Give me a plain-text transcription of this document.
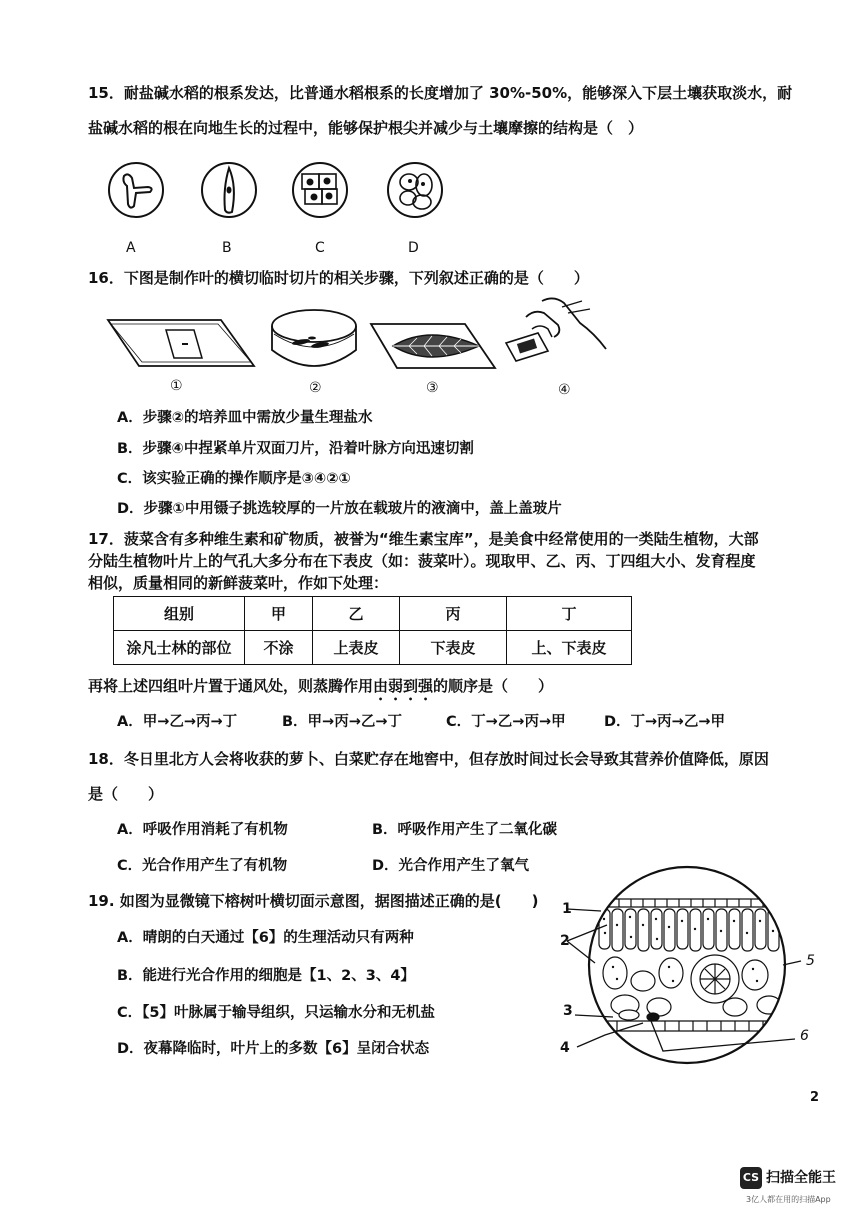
15．耐盐碱水稻的根系发达，比普通水稻根系的长度增加了 30%-50%，能够深入下层土壤获取淡水，耐
盐碱水稻的根在向地生长的过程中，能够保护根尖并减少与土壤摩擦的结构是（　）
A	B	C	D
16．下图是制作叶的横切临时切片的相关步骤，下列叙述正确的是（　　）
①	②	③	④
A．步骤②的培养皿中需放少量生理盐水
B．步骤④中捏紧单片双面刀片，沿着叶脉方向迅速切割
C．该实验正确的操作顺序是③④②①
D．步骤①中用镊子挑选较厚的一片放在载玻片的液滴中，盖上盖玻片
17．菠菜含有多种维生素和矿物质，被誉为“维生素宝库”，是美食中经常使用的一类陆生植物，大部
分陆生植物叶片上的气孔大多分布在下表皮（如：菠菜叶）。现取甲、乙、丙、丁四组大小、发育程度
相似，质量相同的新鲜菠菜叶，作如下处理：
组别	甲	乙	丙	丁
涂凡士林的部位	不涂	上表皮	下表皮	上、下表皮
再将上述四组叶片置于通风处，则蒸腾作用由弱到强的顺序是（　　）
A．甲→乙→丙→丁	B．甲→丙→乙→丁	C．丁→乙→丙→甲	D．丁→丙→乙→甲
18．冬日里北方人会将收获的萝卜、白菜贮存在地窖中，但存放时间过长会导致其营养价值降低，原因
是（　　）
A．呼吸作用消耗了有机物	B．呼吸作用产生了二氧化碳
C．光合作用产生了有机物	D．光合作用产生了氧气
19. 如图为显微镜下榕树叶横切面示意图，据图描述正确的是(　　)
A．晴朗的白天通过【6】的生理活动只有两种
B．能进行光合作用的细胞是【1、2、3、4】
C．【5】叶脉属于输导组织，只运输水分和无机盐
D．夜幕降临时，叶片上的多数【6】呈闭合状态
1
2
3
4
5
6
2
CS 扫描全能王
3亿人都在用的扫描App
